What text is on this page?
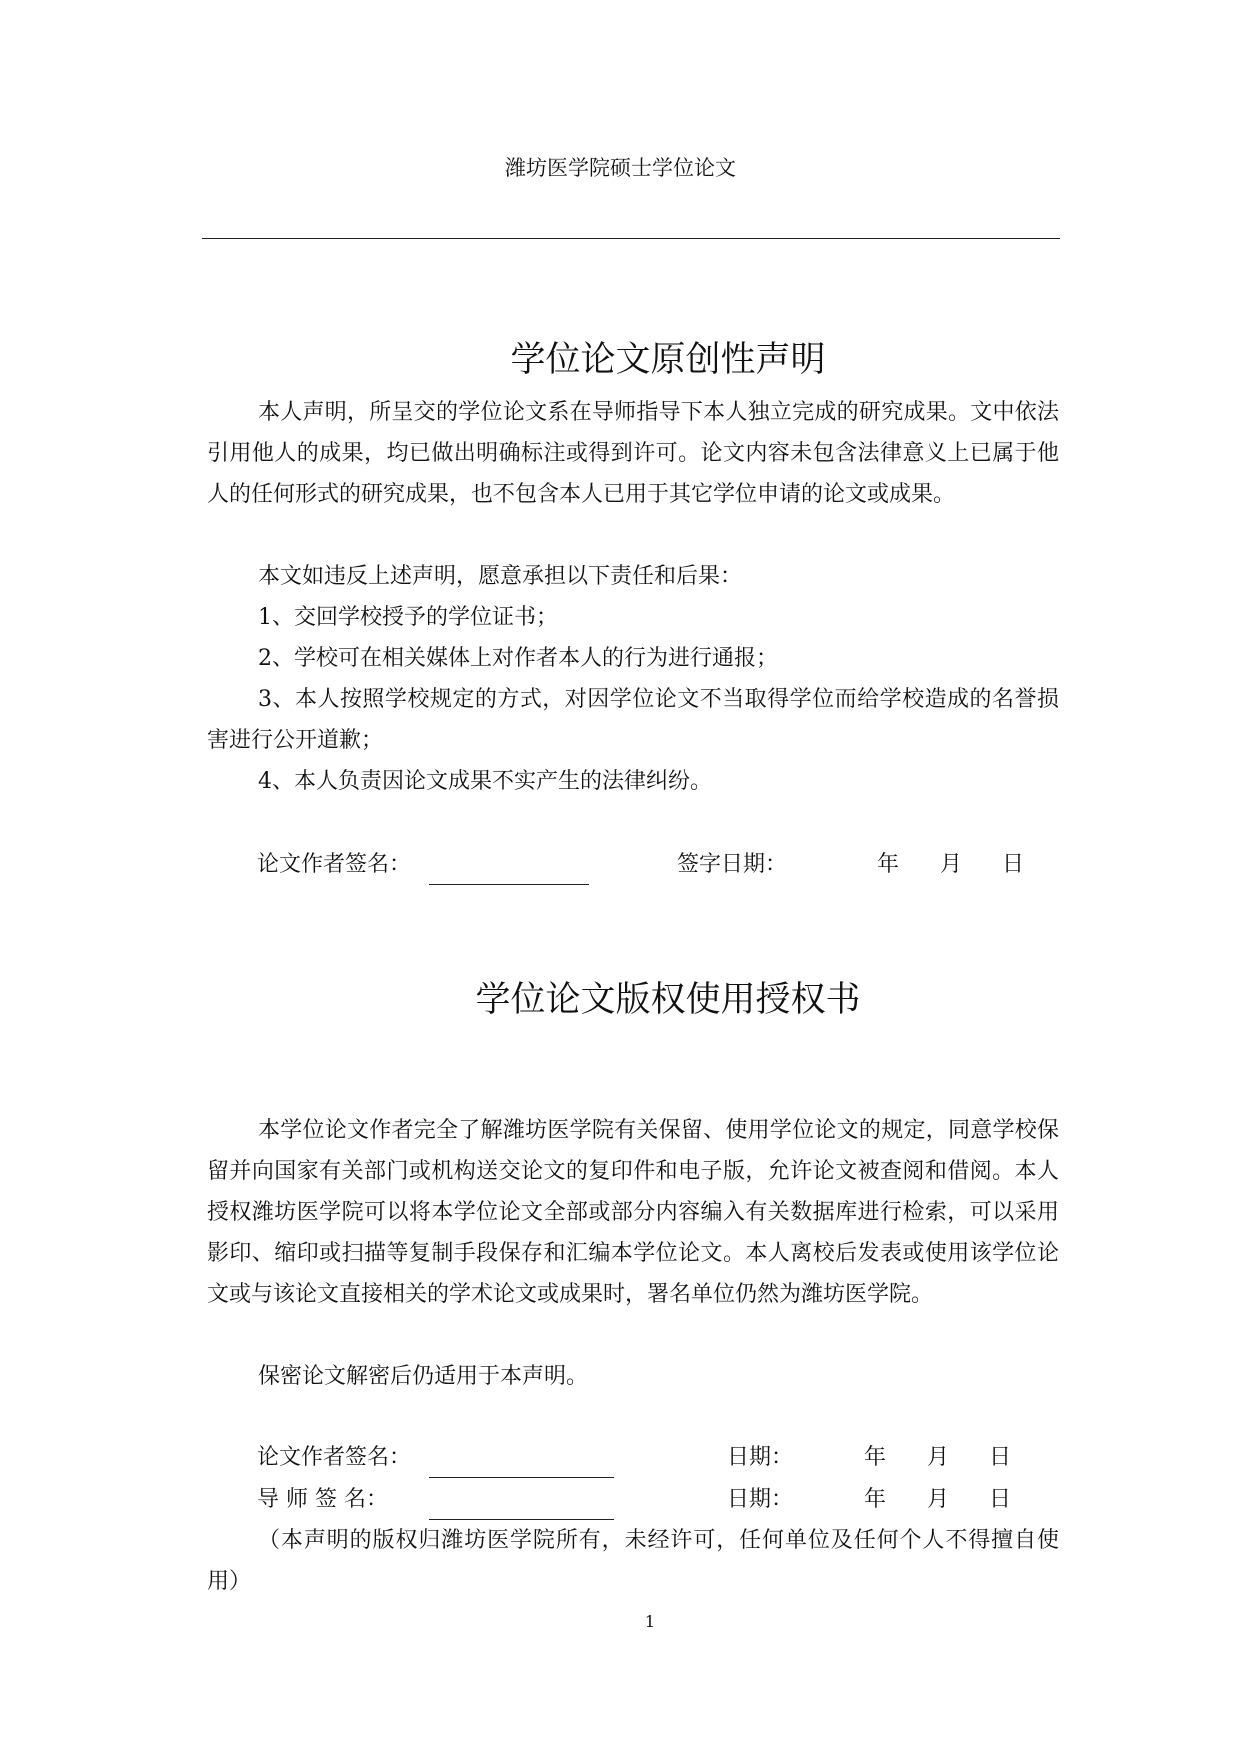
潍坊医学院硕士学位论文
学位论文原创性声明

本人声明，所呈交的学位论文系在导师指导下本人独立完成的研究成果。文中依法引用他人的成果，均已做出明确标注或得到许可。论文内容未包含法律意义上已属于他人的任何形式的研究成果，也不包含本人已用于其它学位申请的论文或成果。

本文如违反上述声明，愿意承担以下责任和后果：

1、交回学校授予的学位证书；

2、学校可在相关媒体上对作者本人的行为进行通报；

3、本人按照学校规定的方式，对因学位论文不当取得学位而给学校造成的名誉损害进行公开道歉；

4、本人负责因论文成果不实产生的法律纠纷。

论文作者签名：	签字日期：	年 月 日
学位论文版权使用授权书

本学位论文作者完全了解潍坊医学院有关保留、使用学位论文的规定，同意学校保留并向国家有关部门或机构送交论文的复印件和电子版，允许论文被查阅和借阅。本人授权潍坊医学院可以将本学位论文全部或部分内容编入有关数据库进行检索，可以采用影印、缩印或扫描等复制手段保存和汇编本学位论文。本人离校后发表或使用该学位论文或与该论文直接相关的学术论文或成果时，署名单位仍然为潍坊医学院。

保密论文解密后仍适用于本声明。

论文作者签名：	日期：	年 月 日
导 师 签 名：	日期：	年 月 日

（本声明的版权归潍坊医学院所有，未经许可，任何单位及任何个人不得擅自使用）

1
